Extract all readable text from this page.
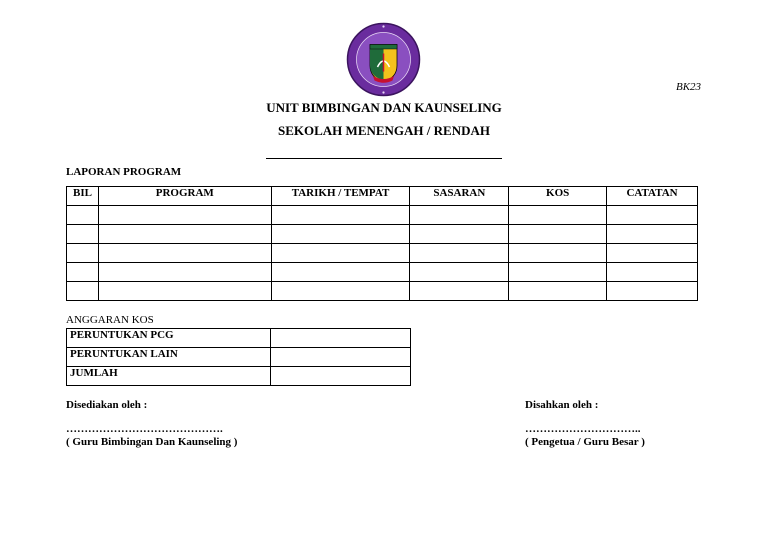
BK23
UNIT BIMBINGAN DAN KAUNSELING
SEKOLAH MENENGAH / RENDAH
LAPORAN PROGRAM
BIL	PROGRAM	TARIKH / TEMPAT	SASARAN	KOS	CATATAN

ANGGARAN KOS
PERUNTUKAN PCG	
PERUNTUKAN LAIN	
JUMLAH	
Disediakan oleh :
…………………………………….
( Guru Bimbingan Dan Kaunseling )
Disahkan oleh :
…………………………..
( Pengetua / Guru Besar )
